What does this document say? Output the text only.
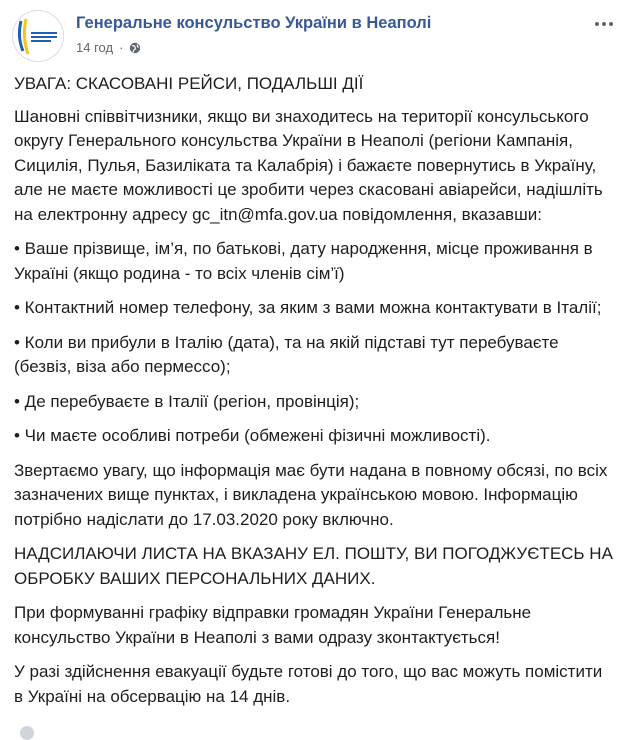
Генеральне консульство України в Неаполі
14 год ·

УВАГА: СКАСОВАНІ РЕЙСИ, ПОДАЛЬШІ ДІЇ

Шановні співвітчизники, якщо ви знаходитесь на території консульського округу Генерального консульства України в Неаполі (регіони Кампанія, Сицилія, Пулья, Базиліката та Калабрія) і бажаєте повернутись в Україну, але не маєте можливості це зробити через скасовані авіарейси, надішліть на електронну адресу gc_itn@mfa.gov.ua повідомлення, вказавши:

• Ваше прізвище, ім’я, по батькові, дату народження, місце проживання в Україні (якщо родина - то всіх членів сім’ї)

• Контактний номер телефону, за яким з вами можна контактувати в Італії;

• Коли ви прибули в Італію (дата), та на якій підставі тут перебуваєте (безвіз, віза або пермессо);

• Де перебуваєте в Італії (регіон, провінція);

• Чи маєте особливі потреби (обмежені фізичні можливості).

Звертаємо увагу, що інформація має бути надана в повному обсязі, по всіх зазначених вище пунктах, і викладена українською мовою. Інформацію потрібно надіслати до 17.03.2020 року включно.

НАДСИЛАЮЧИ ЛИСТА НА ВКАЗАНУ ЕЛ. ПОШТУ, ВИ ПОГОДЖУЄТЕСЬ НА ОБРОБКУ ВАШИХ ПЕРСОНАЛЬНИХ ДАНИХ.

При формуванні графіку відправки громадян України Генеральне консульство України в Неаполі з вами одразу зконтактується!

У разі здійснення евакуації будьте готові до того, що вас можуть помістити в Україні на обсервацію на 14 днів.
